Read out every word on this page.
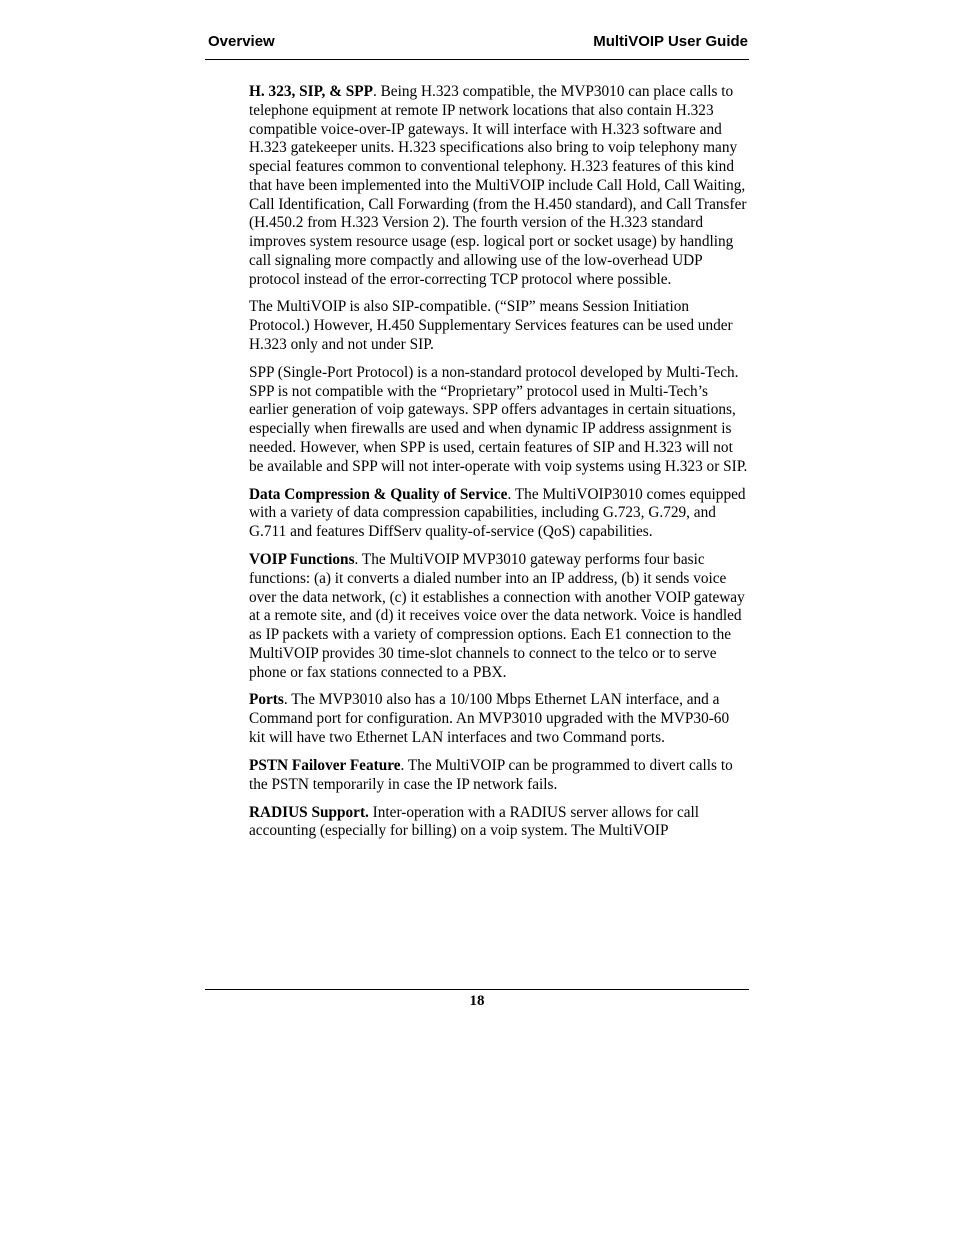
Overview	MultiVOIP User Guide

H. 323, SIP, & SPP. Being H.323 compatible, the MVP3010 can place calls to telephone equipment at remote IP network locations that also contain H.323 compatible voice-over-IP gateways. It will interface with H.323 software and H.323 gatekeeper units. H.323 specifications also bring to voip telephony many special features common to conventional telephony. H.323 features of this kind that have been implemented into the MultiVOIP include Call Hold, Call Waiting, Call Identification, Call Forwarding (from the H.450 standard), and Call Transfer (H.450.2 from H.323 Version 2). The fourth version of the H.323 standard improves system resource usage (esp. logical port or socket usage) by handling call signaling more compactly and allowing use of the low-overhead UDP protocol instead of the error-correcting TCP protocol where possible.

The MultiVOIP is also SIP-compatible. (“SIP” means Session Initiation Protocol.) However, H.450 Supplementary Services features can be used under H.323 only and not under SIP.

SPP (Single-Port Protocol) is a non-standard protocol developed by Multi-Tech. SPP is not compatible with the “Proprietary” protocol used in Multi-Tech’s earlier generation of voip gateways. SPP offers advantages in certain situations, especially when firewalls are used and when dynamic IP address assignment is needed. However, when SPP is used, certain features of SIP and H.323 will not be available and SPP will not inter-operate with voip systems using H.323 or SIP.

Data Compression & Quality of Service. The MultiVOIP3010 comes equipped with a variety of data compression capabilities, including G.723, G.729, and G.711 and features DiffServ quality-of-service (QoS) capabilities.

VOIP Functions. The MultiVOIP MVP3010 gateway performs four basic functions: (a) it converts a dialed number into an IP address, (b) it sends voice over the data network, (c) it establishes a connection with another VOIP gateway at a remote site, and (d) it receives voice over the data network. Voice is handled as IP packets with a variety of compression options. Each E1 connection to the MultiVOIP provides 30 time-slot channels to connect to the telco or to serve phone or fax stations connected to a PBX.

Ports. The MVP3010 also has a 10/100 Mbps Ethernet LAN interface, and a Command port for configuration. An MVP3010 upgraded with the MVP30-60 kit will have two Ethernet LAN interfaces and two Command ports.

PSTN Failover Feature. The MultiVOIP can be programmed to divert calls to the PSTN temporarily in case the IP network fails.

RADIUS Support. Inter-operation with a RADIUS server allows for call accounting (especially for billing) on a voip system. The MultiVOIP

18
